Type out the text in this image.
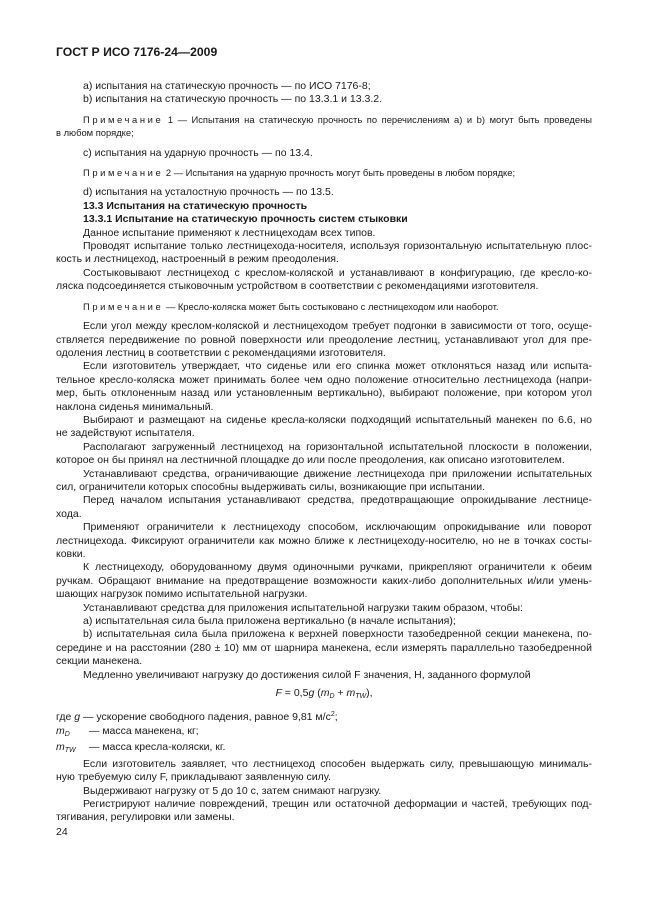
ГОСТ Р ИСО 7176-24—2009
а) испытания на статическую прочность — по ИСО 7176-8;
b) испытания на статическую прочность — по 13.3.1 и 13.3.2.
Примечание 1 — Испытания на статическую прочность по перечислениям а) и b) могут быть проведены
в любом порядке;
с) испытания на ударную прочность — по 13.4.
Примечание 2 — Испытания на ударную прочность могут быть проведены в любом порядке;
d) испытания на усталостную прочность — по 13.5.
13.3 Испытания на статическую прочность
13.3.1 Испытание на статическую прочность систем стыковки
Данное испытание применяют к лестницеходам всех типов.
Проводят испытание только лестницехода-носителя, используя горизонтальную испытательную плос-
кость и лестницеход, настроенный в режим преодоления.
Состыковывают лестницеход с креслом-коляской и устанавливают в конфигурацию, где кресло-ко-
ляска подсоединяется стыковочным устройством в соответствии с рекомендациями изготовителя.
Примечание — Кресло-коляска может быть состыковано с лестницеходом или наоборот.
Если угол между креслом-коляской и лестницеходом требует подгонки в зависимости от того, осуще-
ствляется передвижение по ровной поверхности или преодоление лестниц, устанавливают угол для пре-
одоления лестниц в соответствии с рекомендациями изготовителя.
Если изготовитель утверждает, что сиденье или его спинка может отклоняться назад или испыта-
тельное кресло-коляска может принимать более чем одно положение относительно лестницехода (напри-
мер, быть отклоненным назад или установленным вертикально), выбирают положение, при котором угол
наклона сиденья минимальный.
Выбирают и размещают на сиденье кресла-коляски подходящий испытательный манекен по 6.6, но
не задействуют испытателя.
Располагают загруженный лестницеход на горизонтальной испытательной плоскости в положении,
которое он бы принял на лестничной площадке до или после преодоления, как описано изготовителем.
Устанавливают средства, ограничивающие движение лестницехода при приложении испытательных
сил, ограничители которых способны выдерживать силы, возникающие при испытании.
Перед началом испытания устанавливают средства, предотвращающие опрокидывание лестнице-
хода.
Применяют ограничители к лестницеходу способом, исключающим опрокидывание или поворот
лестницехода. Фиксируют ограничители как можно ближе к лестницеходу-носителю, но не в точках состы-
ковки.
К лестницеходу, оборудованному двумя одиночными ручками, прикрепляют ограничители к обеим
ручкам. Обращают внимание на предотвращение возможности каких-либо дополнительных и/или умень-
шающих нагрузок помимо испытательной нагрузки.
Устанавливают средства для приложения испытательной нагрузки таким образом, чтобы:
а) испытательная сила была приложена вертикально (в начале испытания);
b) испытательная сила была приложена к верхней поверхности тазобедренной секции манекена, по-
середине и на расстоянии (280 ± 10) мм от шарнира манекена, если измерять параллельно тазобедренной
секции манекена.
Медленно увеличивают нагрузку до достижения силой F значения, Н, заданного формулой
F = 0,5g $(m_D + m_{TW})$,
где g — ускорение свободного падения, равное 9,81 $м/с^2$;
$m_D$ — масса манекена, кг;
$m_{TW}$ — масса кресла-коляски, кг.
Если изготовитель заявляет, что лестницеход способен выдержать силу, превышающую минималь-
ную требуемую силу F, прикладывают заявленную силу.
Выдерживают нагрузку от 5 до 10 с, затем снимают нагрузку.
Регистрируют наличие повреждений, трещин или остаточной деформации и частей, требующих под-
тягивания, регулировки или замены.
24
